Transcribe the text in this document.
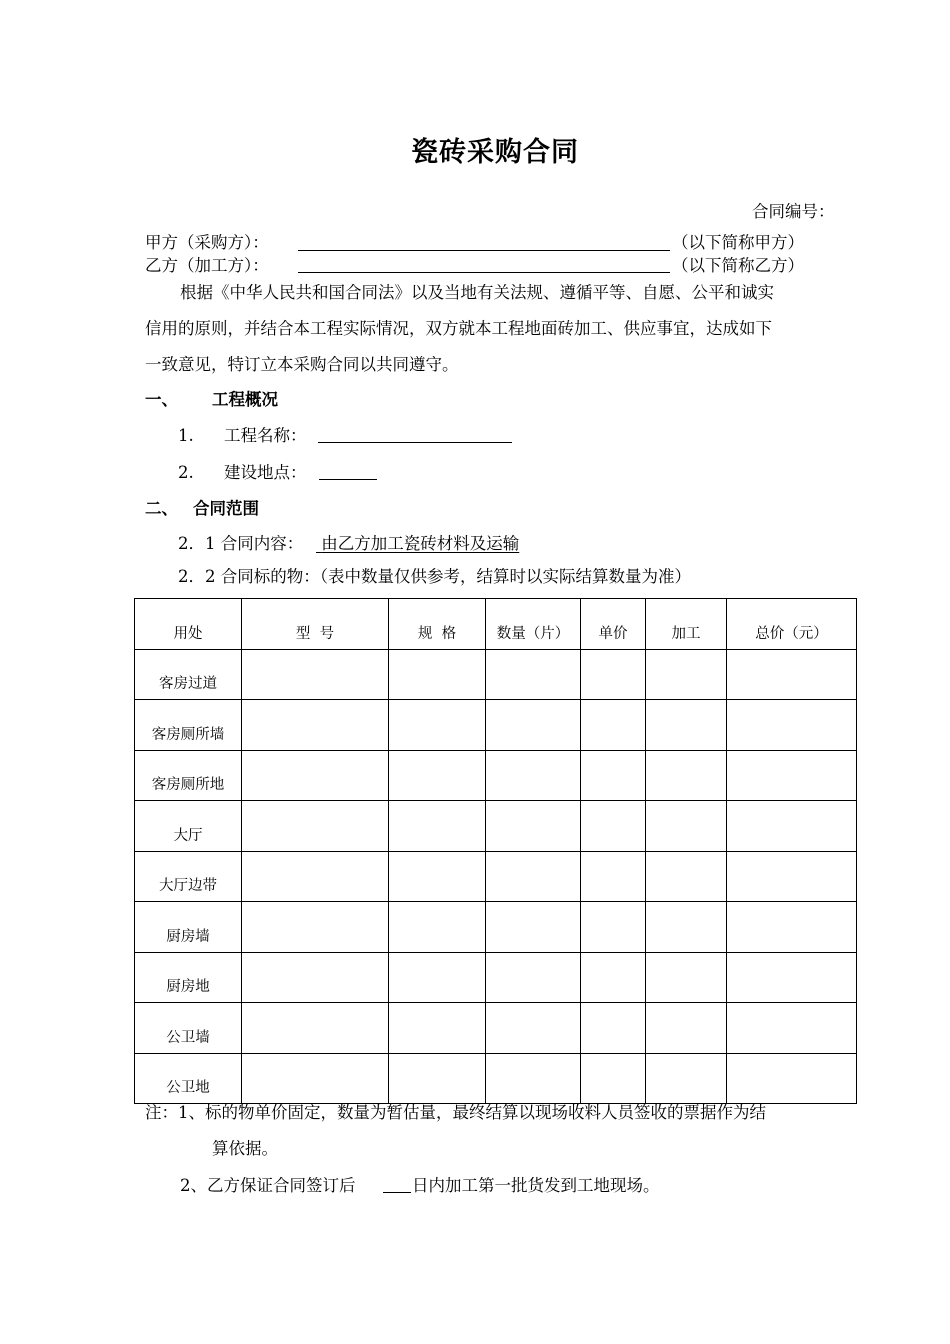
瓷砖采购合同
合同编号：
甲方（采购方）：	（以下简称甲方）
乙方（加工方）：	（以下简称乙方）
根据《中华人民共和国合同法》以及当地有关法规、遵循平等、自愿、公平和诚实
信用的原则，并结合本工程实际情况，双方就本工程地面砖加工、供应事宜，达成如下
一致意见，特订立本采购合同以共同遵守。
一、 工程概况
1. 工程名称：
2. 建设地点：
二、 合同范围
2．1 合同内容：	由乙方加工瓷砖材料及运输
2．2 合同标的物：（表中数量仅供参考，结算时以实际结算数量为准）
用处	型  号	规  格	数量（片）	单价	加工	总价（元）
客房过道						
客房厕所墙						
客房厕所地						
大厅						
大厅边带						
厨房墙						
厨房地						
公卫墙						
公卫地						
注：1、标的物单价固定，数量为暂估量，最终结算以现场收料人员签收的票据作为结
算依据。
2、乙方保证合同签订后	日内加工第一批货发到工地现场。
